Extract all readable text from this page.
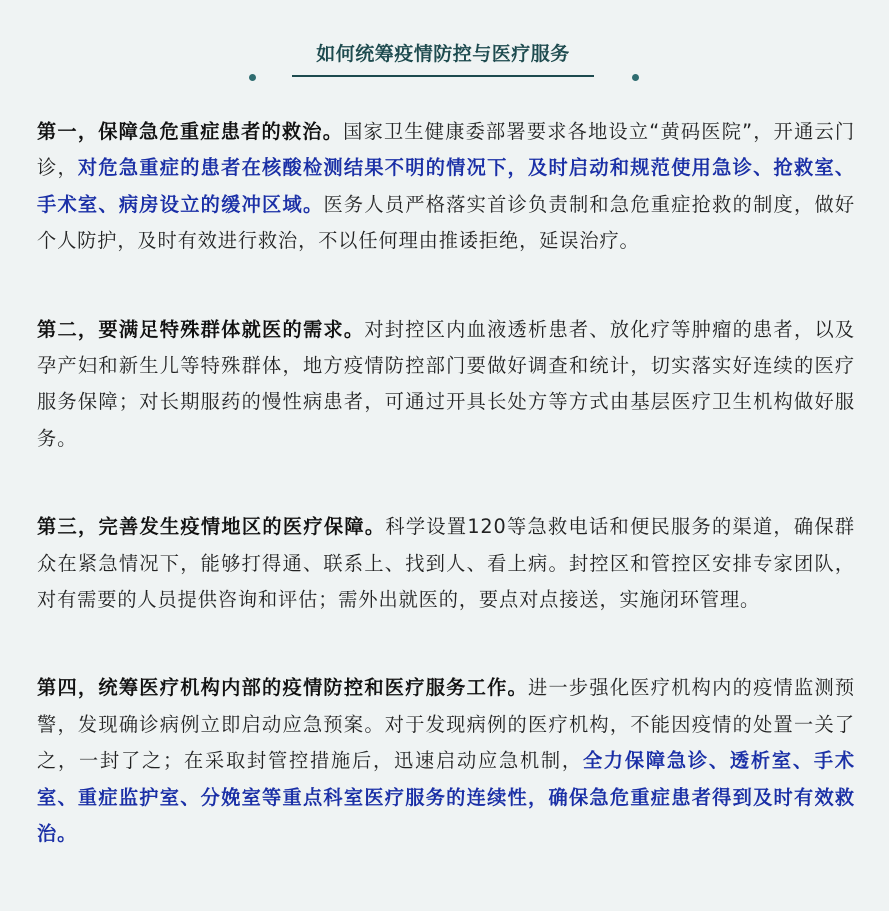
如何统筹疫情防控与医疗服务

第一，保障急危重症患者的救治。国家卫生健康委部署要求各地设立“黄码医院”，开通云门诊，对危急重症的患者在核酸检测结果不明的情况下，及时启动和规范使用急诊、抢救室、手术室、病房设立的缓冲区域。医务人员严格落实首诊负责制和急危重症抢救的制度，做好个人防护，及时有效进行救治，不以任何理由推诿拒绝，延误治疗。

第二，要满足特殊群体就医的需求。对封控区内血液透析患者、放化疗等肿瘤的患者，以及孕产妇和新生儿等特殊群体，地方疫情防控部门要做好调查和统计，切实落实好连续的医疗服务保障；对长期服药的慢性病患者，可通过开具长处方等方式由基层医疗卫生机构做好服务。

第三，完善发生疫情地区的医疗保障。科学设置120等急救电话和便民服务的渠道，确保群众在紧急情况下，能够打得通、联系上、找到人、看上病。封控区和管控区安排专家团队，对有需要的人员提供咨询和评估；需外出就医的，要点对点接送，实施闭环管理。

第四，统筹医疗机构内部的疫情防控和医疗服务工作。进一步强化医疗机构内的疫情监测预警，发现确诊病例立即启动应急预案。对于发现病例的医疗机构，不能因疫情的处置一关了之，一封了之；在采取封管控措施后，迅速启动应急机制，全力保障急诊、透析室、手术室、重症监护室、分娩室等重点科室医疗服务的连续性，确保急危重症患者得到及时有效救治。
